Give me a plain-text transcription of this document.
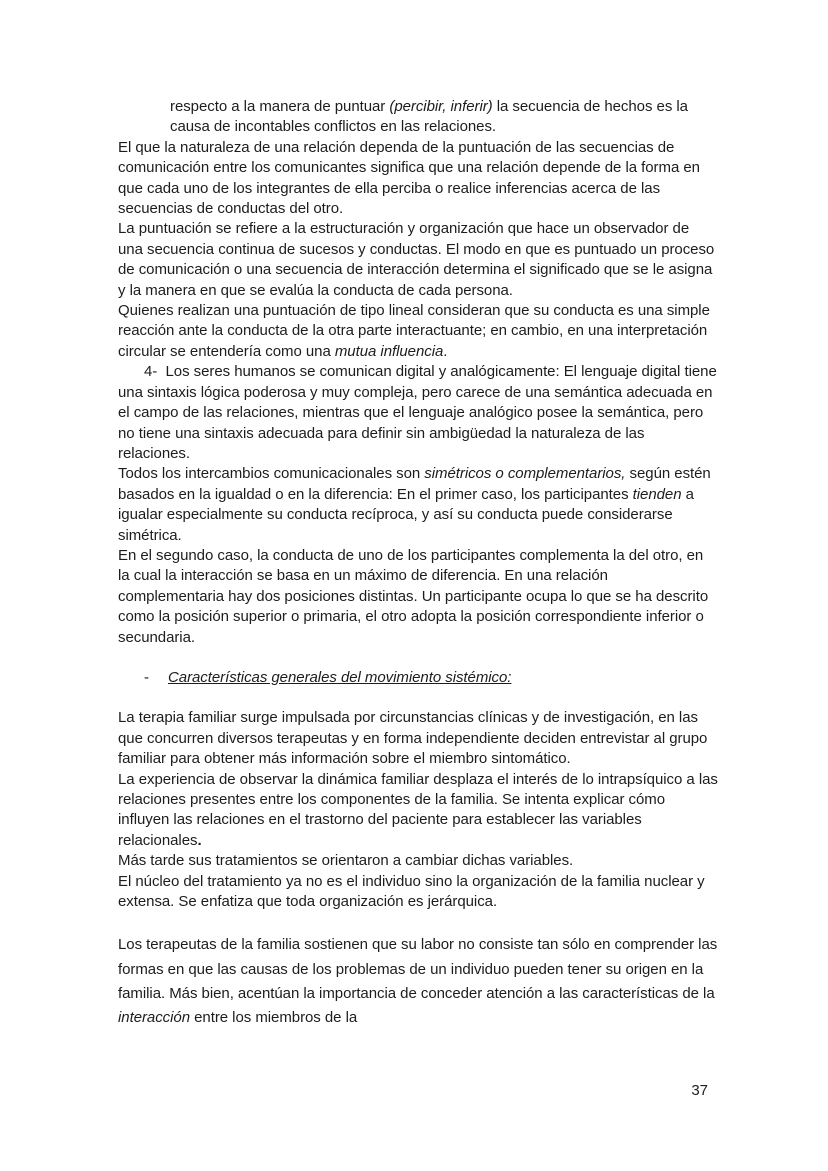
respecto a la manera de puntuar (percibir, inferir) la secuencia de hechos es la causa de incontables conflictos en las relaciones.

El que la naturaleza de una relación dependa de la puntuación de las secuencias de comunicación entre los comunicantes significa que una relación depende de la forma en que cada uno de los integrantes de ella perciba o realice inferencias acerca de las secuencias de conductas del otro.

La puntuación se refiere a la estructuración y organización que hace un observador de una secuencia continua de sucesos y conductas. El modo en que es puntuado un proceso de comunicación o una secuencia de interacción determina el significado que se le asigna y la manera en que se evalúa la conducta de cada persona.

Quienes realizan una puntuación de tipo lineal consideran que su conducta es una simple reacción ante la conducta de la otra parte interactuante; en cambio, en una interpretación circular se entendería como una mutua influencia.

4- Los seres humanos se comunican digital y analógicamente: El lenguaje digital tiene una sintaxis lógica poderosa y muy compleja, pero carece de una semántica adecuada en el campo de las relaciones, mientras que el lenguaje analógico posee la semántica, pero no tiene una sintaxis adecuada para definir sin ambigüedad la naturaleza de las relaciones.

Todos los intercambios comunicacionales son simétricos o complementarios, según estén basados en la igualdad o en la diferencia: En el primer caso, los participantes tienden a igualar especialmente su conducta recíproca, y así su conducta puede considerarse simétrica.

En el segundo caso, la conducta de uno de los participantes complementa la del otro, en la cual la interacción se basa en un máximo de diferencia. En una relación complementaria hay dos posiciones distintas. Un participante ocupa lo que se ha descrito como la posición superior o primaria, el otro adopta la posición correspondiente inferior o secundaria.

- Características generales del movimiento sistémico:

La terapia familiar surge impulsada por circunstancias clínicas y de investigación, en las que concurren diversos terapeutas y en forma independiente deciden entrevistar al grupo familiar para obtener más información sobre el miembro sintomático.

La experiencia de observar la dinámica familiar desplaza el interés de lo intrapsíquico a las relaciones presentes entre los componentes de la familia. Se intenta explicar cómo influyen las relaciones en el trastorno del paciente para establecer las variables relacionales.

Más tarde sus tratamientos se orientaron a cambiar dichas variables.

El núcleo del tratamiento ya no es el individuo sino la organización de la familia nuclear y extensa. Se enfatiza que toda organización es jerárquica.

Los terapeutas de la familia sostienen que su labor no consiste tan sólo en comprender las formas en que las causas de los problemas de un individuo pueden tener su origen en la familia. Más bien, acentúan la importancia de conceder atención a las características de la interacción entre los miembros de la

37
